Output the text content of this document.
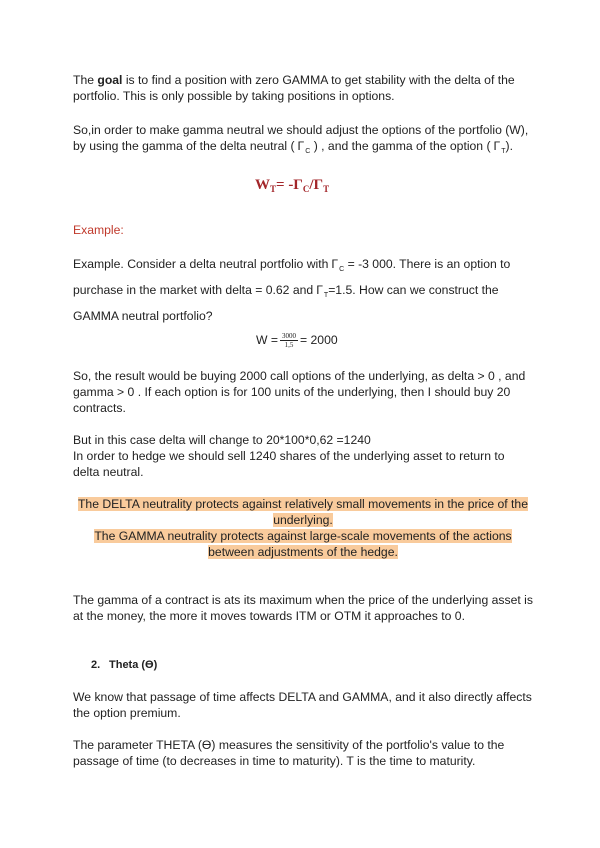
The goal is to find a position with zero GAMMA to get stability with the delta of the portfolio. This is only possible by taking positions in options.

So,in order to make gamma neutral we should adjust the options of the portfolio (W), by using the gamma of the delta neutral ( $\Gamma_C$ ) , and the gamma of the option ( $\Gamma_T$).
$W_T= -\Gamma_C/\Gamma_T$
Example:
Example. Consider a delta neutral portfolio with $\Gamma_C = -3$ 000. There is an option to purchase in the market with delta = 0.62 and $\Gamma_T=1.5$. How can we construct the GAMMA neutral portfolio?
$W = \frac{3000}{1,5} = 2000$
So, the result would be buying 2000 call options of the underlying, as delta > 0 , and gamma > 0 . If each option is for 100 units of the underlying, then I should buy 20 contracts.
But in this case delta will change to 20*100*0,62 =1240
In order to hedge we should sell 1240 shares of the underlying asset to return to delta neutral.
The DELTA neutrality protects against relatively small movements in the price of the underlying.
The GAMMA neutrality protects against large-scale movements of the actions between adjustments of the hedge.
The gamma of a contract is ats its maximum when the price of the underlying asset is at the money, the more it moves towards ITM or OTM it approaches to 0.
2. Theta (ϴ)
We know that passage of time affects DELTA and GAMMA, and it also directly affects the option premium.
The parameter THETA (ϴ) measures the sensitivity of the portfolio's value to the passage of time (to decreases in time to maturity). T is the time to maturity.
